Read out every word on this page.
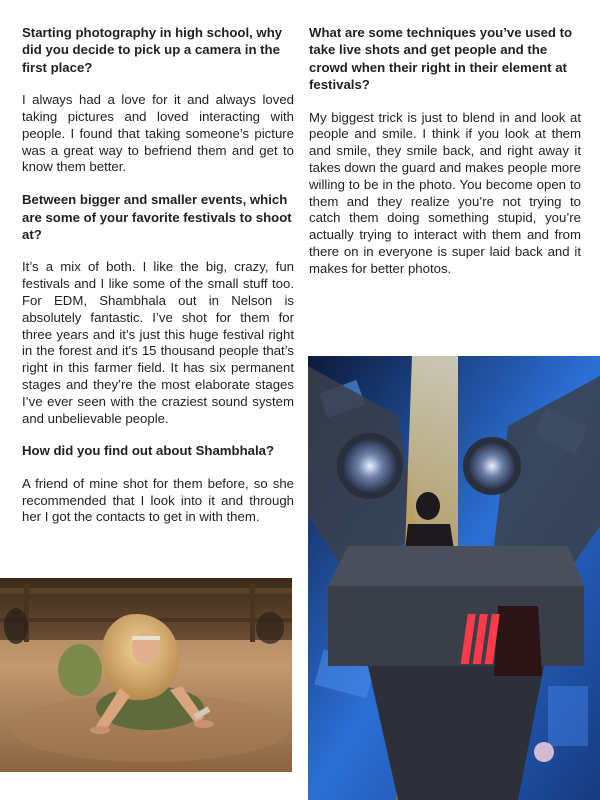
Starting photography in high school, why did you decide to pick up a camera in the first place?

I always had a love for it and always loved taking pictures and loved interacting with people. I found that taking someone’s picture was a great way to befriend them and get to know them better.

Between bigger and smaller events, which are some of your favorite festivals to shoot at?

It’s a mix of both. I like the big, crazy, fun festivals and I like some of the small stuff too. For EDM, Shambhala out in Nelson is absolutely fantastic. I’ve shot for them for three years and it’s just this huge festival right in the forest and it's 15 thousand people that’s right in this farmer field. It has six permanent stages and they’re the most elaborate stages I’ve ever seen with the craziest sound system and unbelievable people.

How did you find out about Shambhala?

A friend of mine shot for them before, so she recommended that I look into it and through her I got the contacts to get in with them.

What are some techniques you’ve used to take live shots and get people and the crowd when their right in their element at festivals?

My biggest trick is just to blend in and look at people and smile. I think if you look at them and smile, they smile back, and right away it takes down the guard and makes people more willing to be in the photo. You become open to them and they realize you’re not trying to catch them doing something stupid, you’re actually trying to interact with them and from there on in everyone is super laid back and it makes for better photos.
